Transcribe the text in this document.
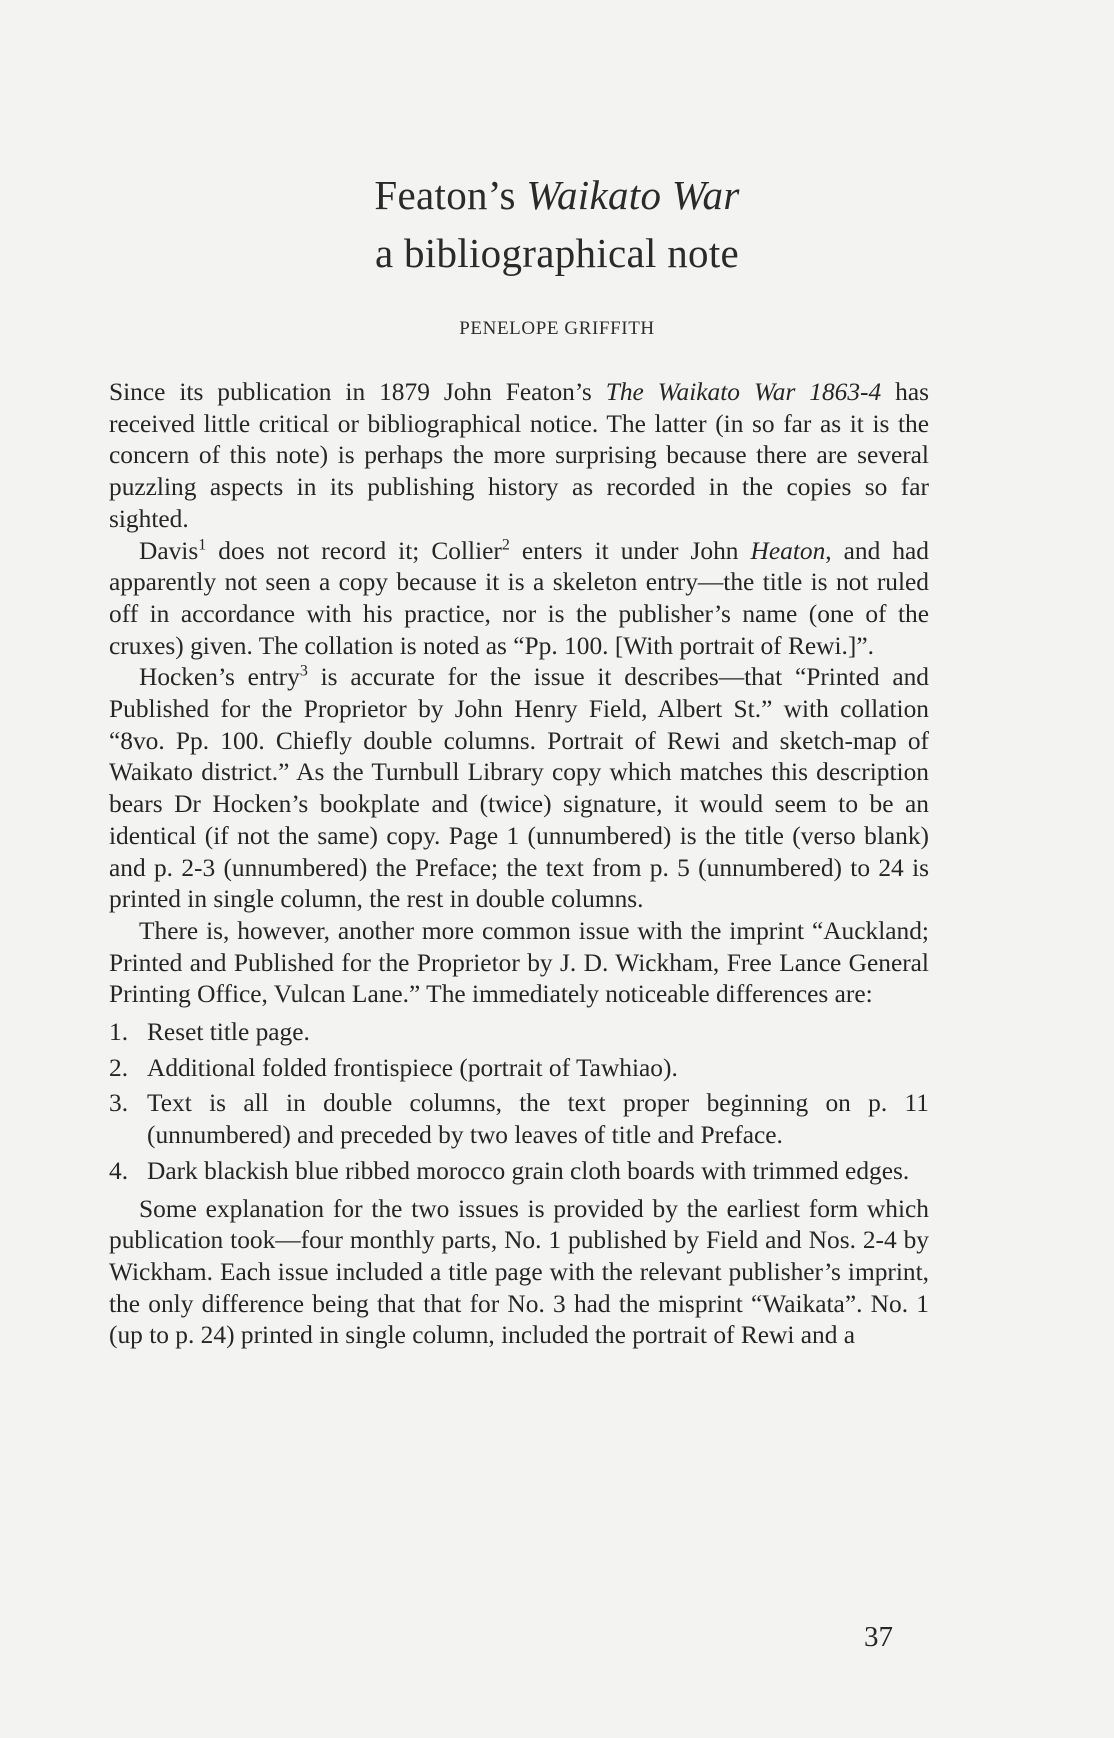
Featon’s Waikato War
a bibliographical note
PENELOPE GRIFFITH

Since its publication in 1879 John Featon’s The Waikato War 1863-4 has received little critical or bibliographical notice. The latter (in so far as it is the concern of this note) is perhaps the more surprising because there are several puzzling aspects in its publishing history as recorded in the copies so far sighted.

Davis$^1$ does not record it; Collier$^2$ enters it under John Heaton, and had apparently not seen a copy because it is a skeleton entry—the title is not ruled off in accordance with his practice, nor is the publisher’s name (one of the cruxes) given. The collation is noted as “Pp. 100. [With portrait of Rewi.]”.

Hocken’s entry$^3$ is accurate for the issue it describes—that “Printed and Published for the Proprietor by John Henry Field, Albert St.” with collation “8vo. Pp. 100. Chiefly double columns. Portrait of Rewi and sketch-map of Waikato district.” As the Turnbull Library copy which matches this description bears Dr Hocken’s bookplate and (twice) signature, it would seem to be an identical (if not the same) copy. Page 1 (unnumbered) is the title (verso blank) and p. 2-3 (unnumbered) the Preface; the text from p. 5 (unnumbered) to 24 is printed in single column, the rest in double columns.

There is, however, another more common issue with the imprint “Auckland; Printed and Published for the Proprietor by J. D. Wickham, Free Lance General Printing Office, Vulcan Lane.” The immediately noticeable differences are:

1. Reset title page.
2. Additional folded frontispiece (portrait of Tawhiao).
3. Text is all in double columns, the text proper beginning on p. 11 (unnumbered) and preceded by two leaves of title and Preface.
4. Dark blackish blue ribbed morocco grain cloth boards with trimmed edges.

Some explanation for the two issues is provided by the earliest form which publication took—four monthly parts, No. 1 published by Field and Nos. 2-4 by Wickham. Each issue included a title page with the relevant publisher’s imprint, the only difference being that that for No. 3 had the misprint “Waikata”. No. 1 (up to p. 24) printed in single column, included the portrait of Rewi and a

37
